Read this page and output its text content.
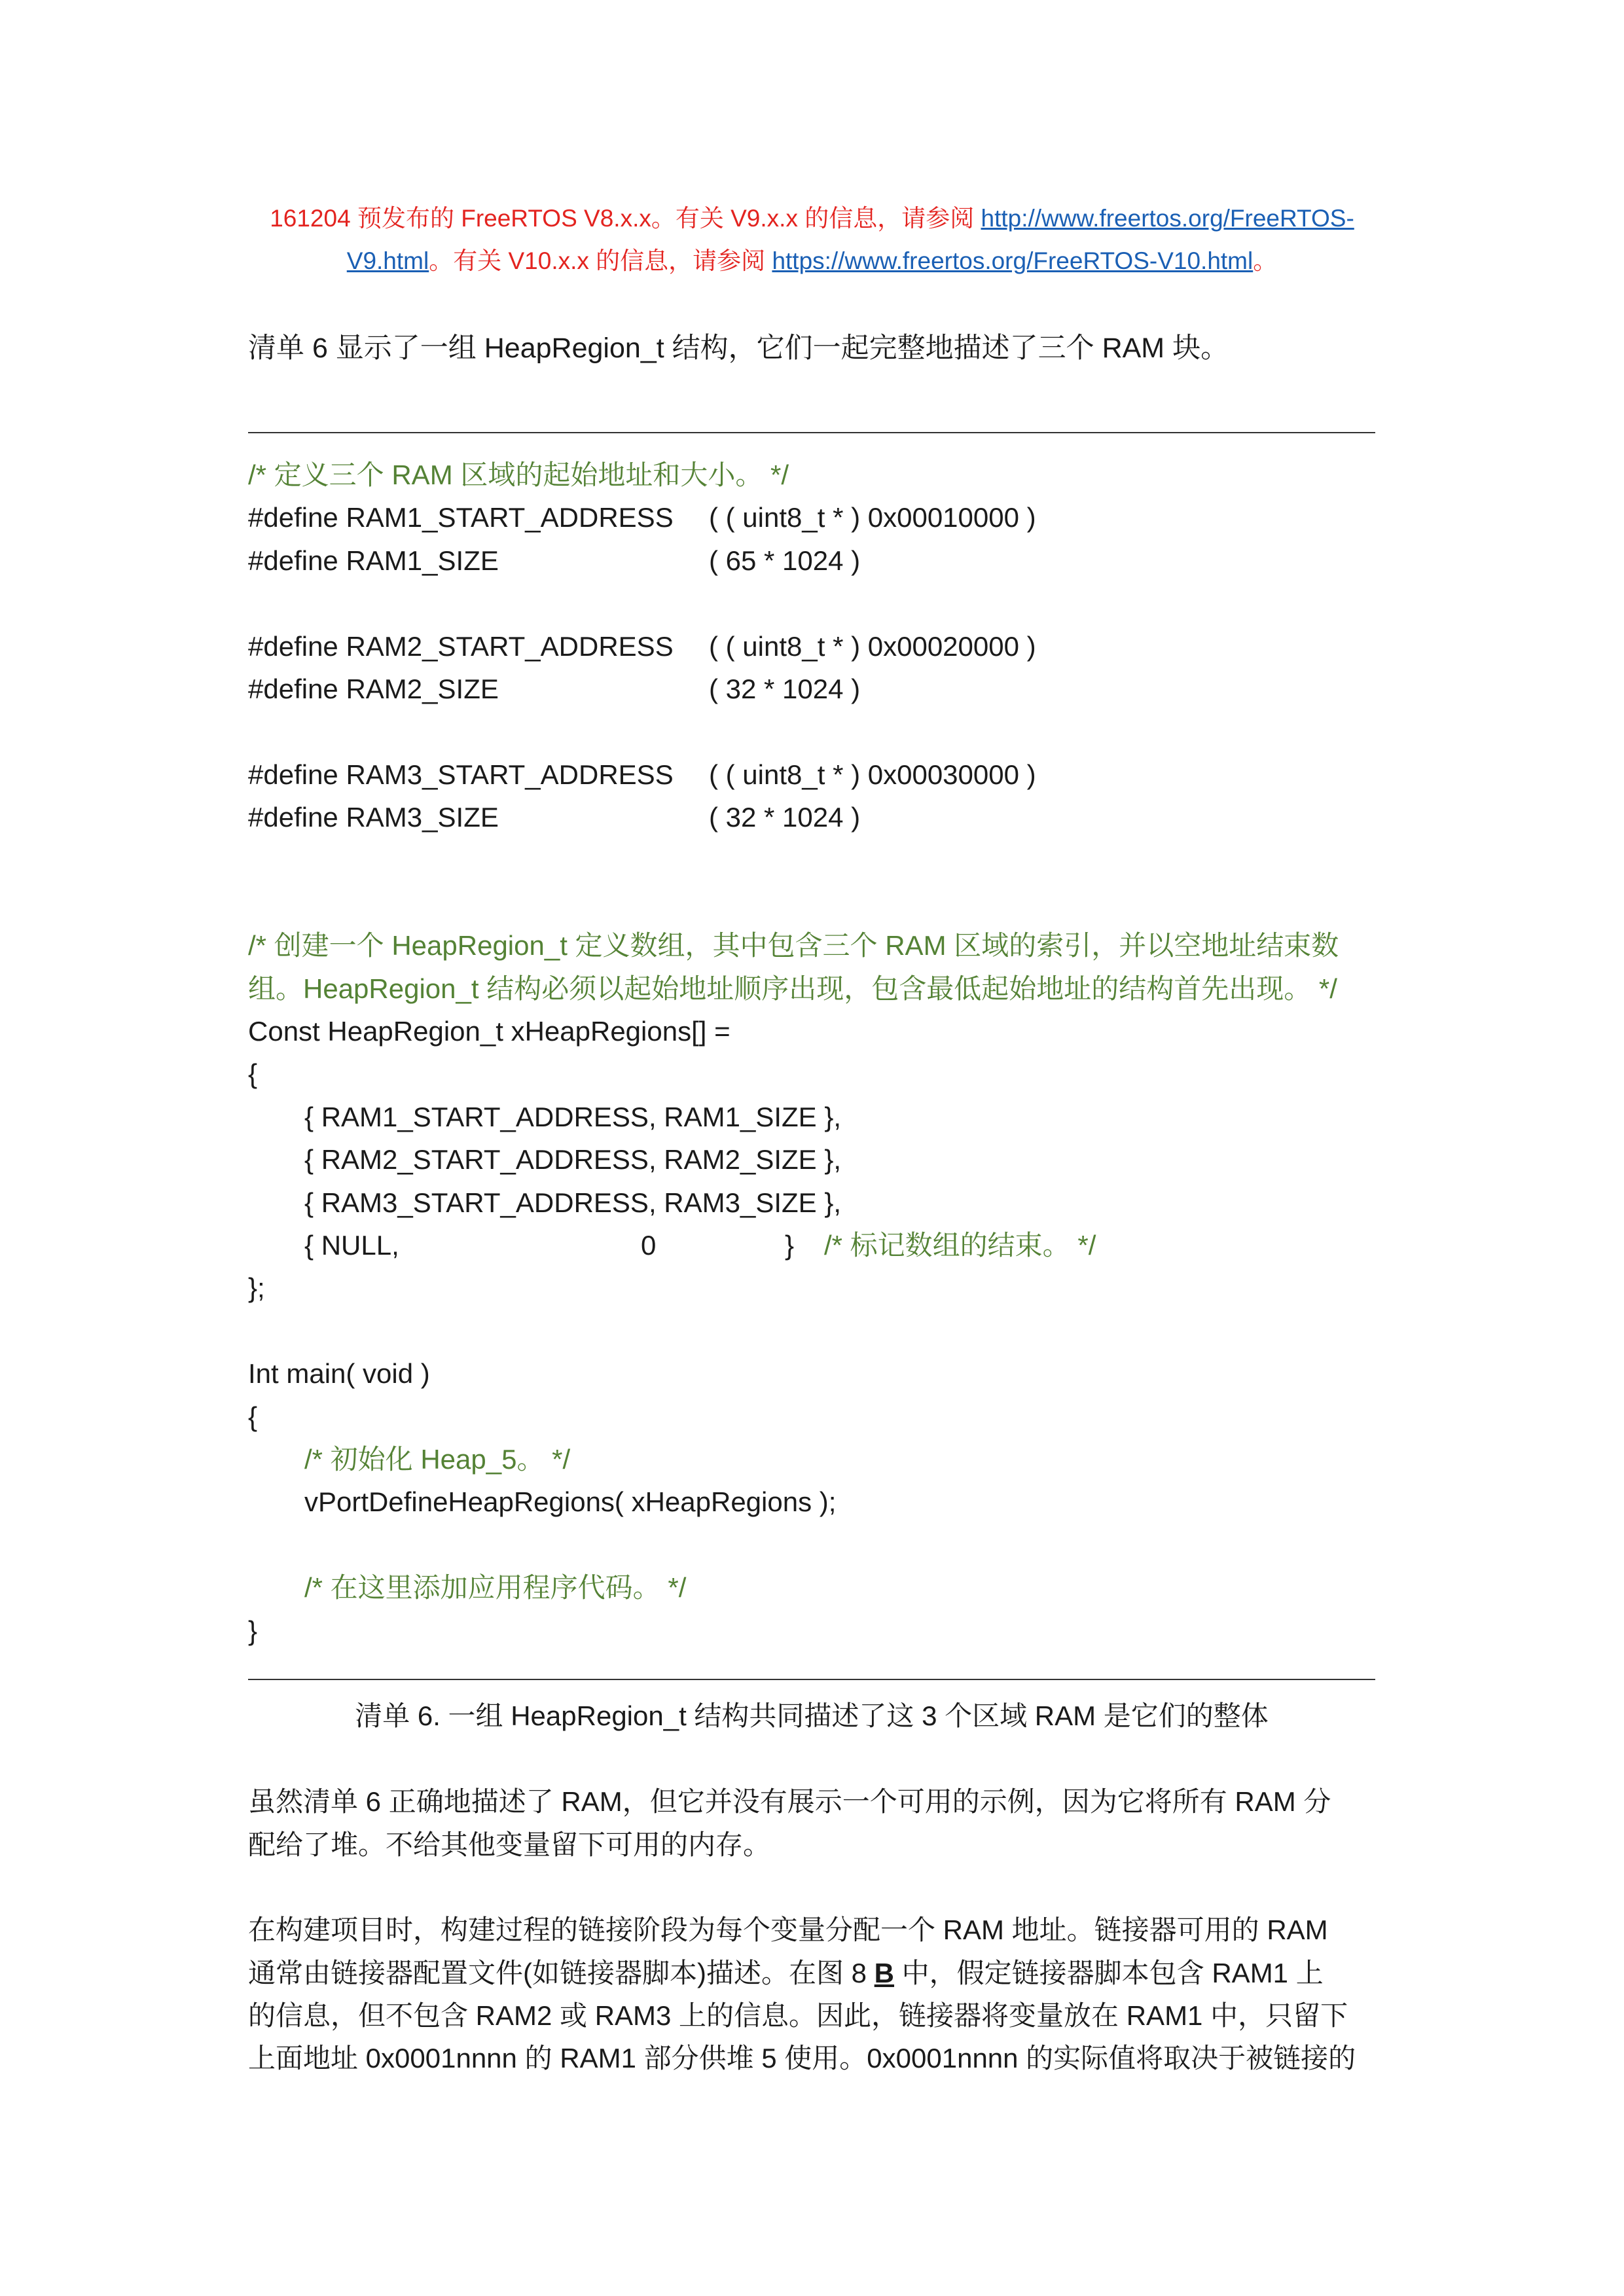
161204 预发布的 FreeRTOS V8.x.x。有关 V9.x.x 的信息，请参阅 http://www.freertos.org/FreeRTOS-
V9.html。有关 V10.x.x 的信息，请参阅 https://www.freertos.org/FreeRTOS-V10.html。
清单 6 显示了一组 HeapRegion_t 结构，它们一起完整地描述了三个 RAM 块。
/* 定义三个 RAM 区域的起始地址和大小。 */
#define RAM1_START_ADDRESS ( ( uint8_t * ) 0x00010000 )
#define RAM1_SIZE	( 65 * 1024 )
#define RAM2_START_ADDRESS ( ( uint8_t * ) 0x00020000 )
#define RAM2_SIZE	( 32 * 1024 )
#define RAM3_START_ADDRESS ( ( uint8_t * ) 0x00030000 )
#define RAM3_SIZE	( 32 * 1024 )
/* 创建一个 HeapRegion_t 定义数组，其中包含三个 RAM 区域的索引，并以空地址结束数
组。HeapRegion_t 结构必须以起始地址顺序出现，包含最低起始地址的结构首先出现。 */
Const HeapRegion_t xHeapRegions[] =
{
{ RAM1_START_ADDRESS, RAM1_SIZE },
{ RAM2_START_ADDRESS, RAM2_SIZE },
{ RAM3_START_ADDRESS, RAM3_SIZE },
{ NULL,	0	} /* 标记数组的结束。 */
};
Int main( void )
{
/* 初始化 Heap_5。 */
vPortDefineHeapRegions( xHeapRegions );
/* 在这里添加应用程序代码。 */
}
清单 6. 一组 HeapRegion_t 结构共同描述了这 3 个区域 RAM 是它们的整体
虽然清单 6 正确地描述了 RAM，但它并没有展示一个可用的示例，因为它将所有 RAM 分
配给了堆。不给其他变量留下可用的内存。
在构建项目时，构建过程的链接阶段为每个变量分配一个 RAM 地址。链接器可用的 RAM
通常由链接器配置文件(如链接器脚本)描述。在图 8 B 中，假定链接器脚本包含 RAM1 上
的信息，但不包含 RAM2 或 RAM3 上的信息。因此，链接器将变量放在 RAM1 中，只留下
上面地址 0x0001nnnn 的 RAM1 部分供堆 5 使用。0x0001nnnn 的实际值将取决于被链接的
